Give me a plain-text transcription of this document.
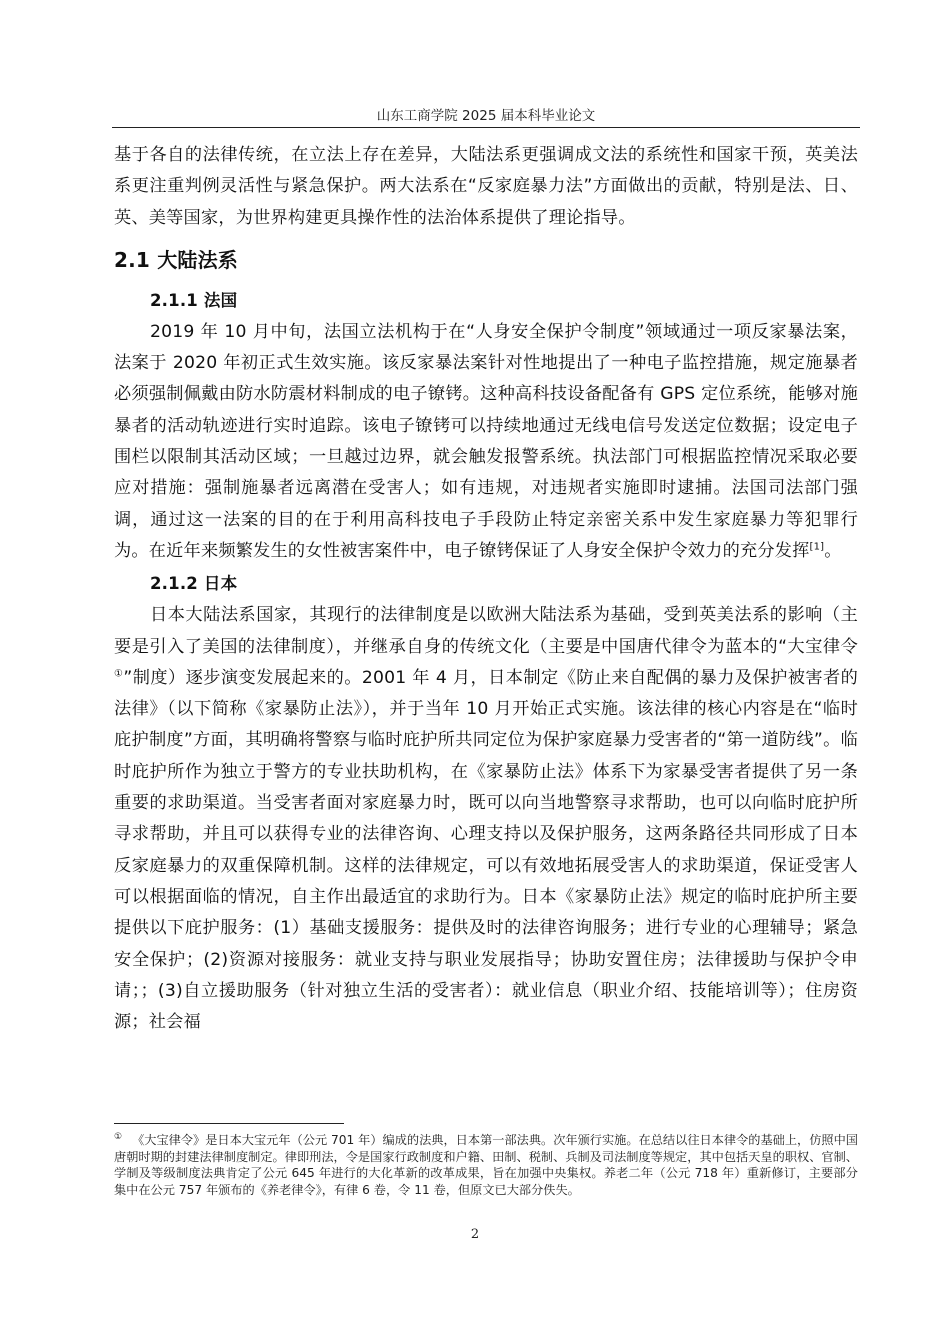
山东工商学院 2025 届本科毕业论文

基于各自的法律传统，在立法上存在差异，大陆法系更强调成文法的系统性和国家干预，英美法系更注重判例灵活性与紧急保护。两大法系在“反家庭暴力法”方面做出的贡献，特别是法、日、英、美等国家，为世界构建更具操作性的法治体系提供了理论指导。

2.1 大陆法系
2.1.1 法国

2019 年 10 月中旬，法国立法机构于在“人身安全保护令制度”领域通过一项反家暴法案，法案于 2020 年初正式生效实施。该反家暴法案针对性地提出了一种电子监控措施，规定施暴者必须强制佩戴由防水防震材料制成的电子镣铐。这种高科技设备配备有 GPS 定位系统，能够对施暴者的活动轨迹进行实时追踪。该电子镣铐可以持续地通过无线电信号发送定位数据；设定电子围栏以限制其活动区域；一旦越过边界，就会触发报警系统。执法部门可根据监控情况采取必要应对措施：强制施暴者远离潜在受害人；如有违规，对违规者实施即时逮捕。法国司法部门强调，通过这一法案的目的在于利用高科技电子手段防止特定亲密关系中发生家庭暴力等犯罪行为。在近年来频繁发生的女性被害案件中，电子镣铐保证了人身安全保护令效力的充分发挥[1]。

2.1.2 日本

日本大陆法系国家，其现行的法律制度是以欧洲大陆法系为基础，受到英美法系的影响（主要是引入了美国的法律制度），并继承自身的传统文化（主要是中国唐代律令为蓝本的“大宝律令①”制度）逐步演变发展起来的。2001 年 4 月，日本制定《防止来自配偶的暴力及保护被害者的法律》（以下简称《家暴防止法》），并于当年 10 月开始正式实施。该法律的核心内容是在“临时庇护制度”方面，其明确将警察与临时庇护所共同定位为保护家庭暴力受害者的“第一道防线”。临时庇护所作为独立于警方的专业扶助机构，在《家暴防止法》体系下为家暴受害者提供了另一条重要的求助渠道。当受害者面对家庭暴力时，既可以向当地警察寻求帮助，也可以向临时庇护所寻求帮助，并且可以获得专业的法律咨询、心理支持以及保护服务，这两条路径共同形成了日本反家庭暴力的双重保障机制。这样的法律规定，可以有效地拓展受害人的求助渠道，保证受害人可以根据面临的情况，自主作出最适宜的求助行为。日本《家暴防止法》规定的临时庇护所主要提供以下庇护服务：(1）基础支援服务：提供及时的法律咨询服务；进行专业的心理辅导；紧急安全保护；(2)资源对接服务：就业支持与职业发展指导；协助安置住房；法律援助与保护令申请；；(3)自立援助服务（针对独立生活的受害者）：就业信息（职业介绍、技能培训等）；住房资源；社会福

① 《大宝律令》是日本大宝元年（公元 701 年）编成的法典，日本第一部法典。次年颁行实施。在总结以往日本律令的基础上，仿照中国唐朝时期的封建法律制度制定。律即刑法，令是国家行政制度和户籍、田制、税制、兵制及司法制度等规定，其中包括天皇的职权、官制、学制及等级制度法典肯定了公元 645 年进行的大化革新的改革成果，旨在加强中央集权。养老二年（公元 718 年）重新修订，主要部分集中在公元 757 年颁布的《养老律令》，有律 6 卷，令 11 卷，但原文已大部分佚失。
2
